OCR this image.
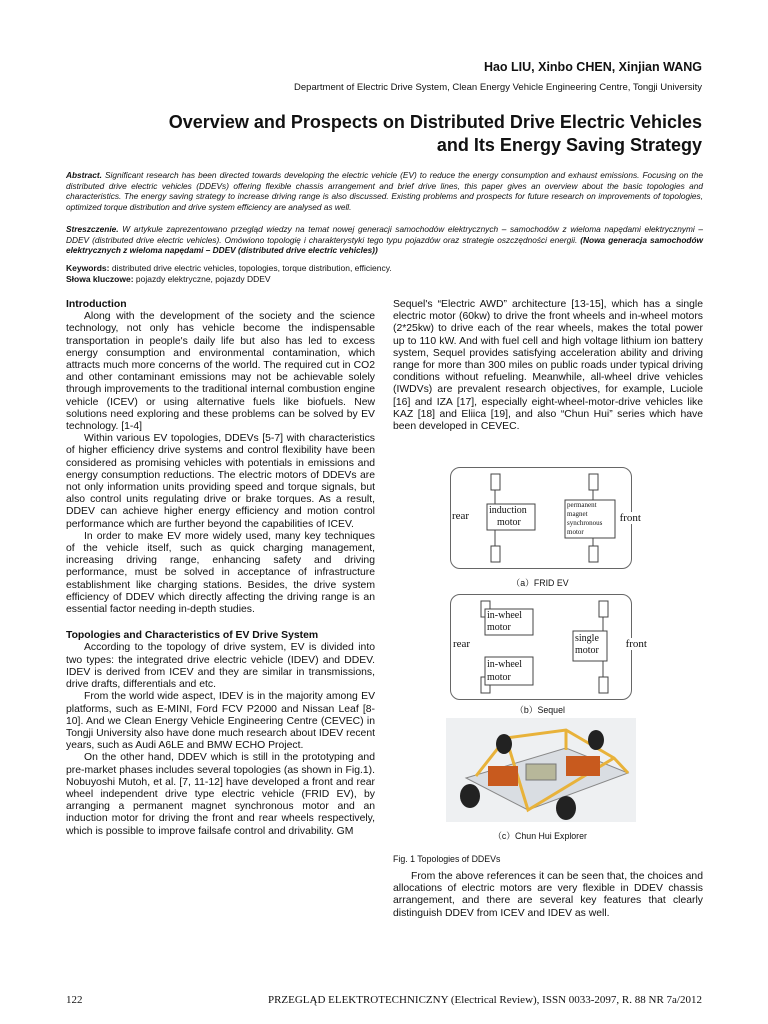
Hao LIU, Xinbo CHEN, Xinjian WANG
Department of Electric Drive System, Clean Energy Vehicle Engineering Centre, Tongji University
Overview and Prospects on Distributed Drive Electric Vehicles
and Its Energy Saving Strategy

Abstract. Significant research has been directed towards developing the electric vehicle (EV) to reduce the energy consumption and exhaust emissions. Focusing on the distributed drive electric vehicles (DDEVs) offering flexible chassis arrangement and brief drive lines, this paper gives an overview about the basic topologies and characteristics. The energy saving strategy to increase driving range is also discussed. Existing problems and prospects for future research on improvements of topologies, optimized torque distribution and drive system efficiency are analysed as well.

Streszczenie. W artykule zaprezentowano przegląd wiedzy na temat nowej generacji samochodów elektrycznych – samochodów z wieloma napędami elektrycznymi – DDEV (distributed drive electric vehicles). Omówiono topologię i charakterystyki tego typu pojazdów oraz strategie oszczędności energii. (Nowa generacja samochodów elektrycznych z wieloma napędami – DDEV (distributed drive electric vehicles))

Keywords: distributed drive electric vehicles, topologies, torque distribution, efficiency.
Słowa kluczowe: pojazdy elektryczne, pojazdy DDEV
Introduction

Along with the development of the society and the science technology, not only has vehicle become the indispensable transportation in people's daily life but also has led to excess energy consumption and environmental contamination, which attracts much more concerns of the world. The required cut in CO2 and other contaminant emissions may not be achievable solely through improvements to the traditional internal combustion engine vehicle (ICEV) or using alternative fuels like biofuels. New solutions need exploring and these problems can be solved by EV technology. [1-4]

Within various EV topologies, DDEVs [5-7] with characteristics of higher efficiency drive systems and control flexibility have been considered as promising vehicles with potentials in emissions and energy consumption reductions. The electric motors of DDEVs are not only information units providing speed and torque signals, but also control units regulating drive or brake torques. As a result, DDEV can achieve higher energy efficiency and motion control performance which are further beyond the capabilities of ICEV.

In order to make EV more widely used, many key techniques of the vehicle itself, such as quick charging management, increasing driving range, enhancing safety and driving performance, must be solved in acceptance of infrastructure establishment like charging stations. Besides, the drive system efficiency of DDEV which directly affecting the driving range is an essential factor needing in-depth studies.

Topologies and Characteristics of EV Drive System

According to the topology of drive system, EV is divided into two types: the integrated drive electric vehicle (IDEV) and DDEV. IDEV is derived from ICEV and they are similar in transmissions, drive drafts, differentials and etc.

From the world wide aspect, IDEV is in the majority among EV platforms, such as E-MINI, Ford FCV P2000 and Nissan Leaf [8-10]. And we Clean Energy Vehicle Engineering Centre (CEVEC) in Tongji University also have done much research about IDEV recent years, such as Audi A6LE and BMW ECHO Project.

On the other hand, DDEV which is still in the prototyping and pre-market phases includes several topologies (as shown in Fig.1). Nobuyoshi Mutoh, et al. [7, 11-12] have developed a front and rear wheel independent drive type electric vehicle (FRID EV), by arranging a permanent magnet synchronous motor and an induction motor for driving the front and rear wheels respectively, which is possible to improve failsafe control and drivability. GM

Sequel's “Electric AWD” architecture [13-15], which has a single electric motor (60kw) to drive the front wheels and in-wheel motors (2*25kw) to drive each of the rear wheels, makes the total power up to 110 kW. And with fuel cell and high voltage lithium ion battery system, Sequel provides satisfying acceleration ability and driving range for more than 300 miles on public roads under typical driving conditions without refueling. Meanwhile, all-wheel drive vehicles (IWDVs) are prevalent research objectives, for example, Luciole [16] and IZA [17], especially eight-wheel-motor-drive vehicles like KAZ [18] and Eliica [19], and also “Chun Hui” series which have been developed in CEVEC.

rear	front
induction
motor
permanent
magnet
synchronous
motor
（a）FRID EV
rear	front
in-wheel
motor
in-wheel
motor
single
motor
（b）Sequel
（c）Chun Hui Explorer
Fig. 1 Topologies of DDEVs

From the above references it can be seen that, the choices and allocations of electric motors are very flexible in DDEV chassis arrangement, and there are several key features that clearly distinguish DDEV from ICEV and IDEV as well.

122	PRZEGLĄD ELEKTROTECHNICZNY (Electrical Review), ISSN 0033-2097, R. 88 NR 7a/2012
